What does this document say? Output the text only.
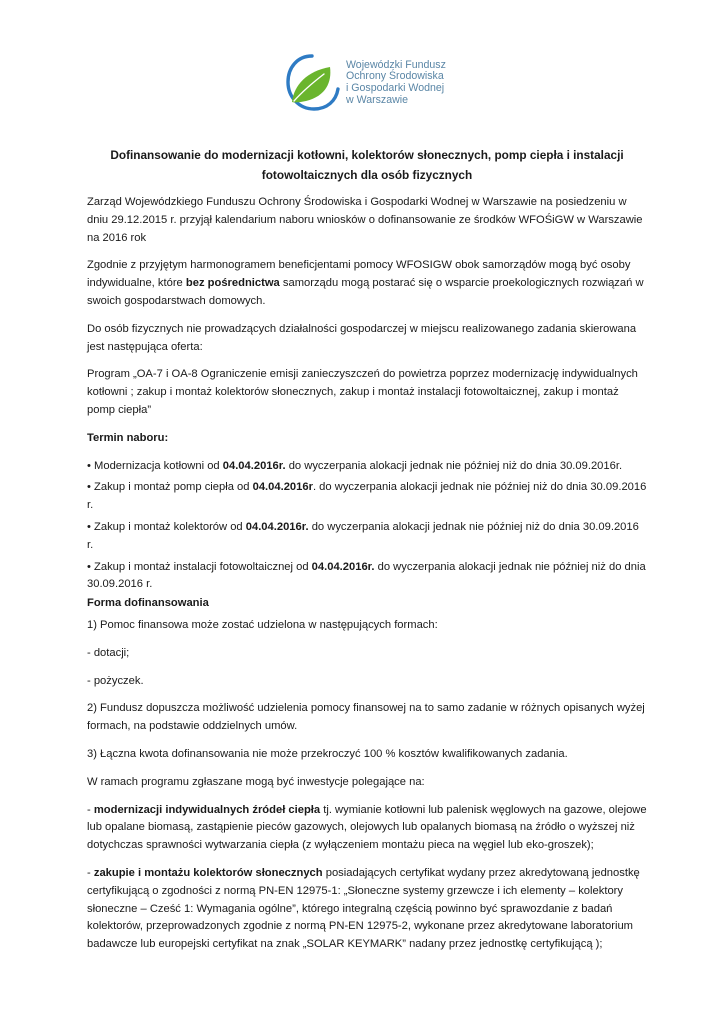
Wojewódzki Fundusz
Ochrony Środowiska
i Gospodarki Wodnej
w Warszawie
Dofinansowanie do modernizacji kotłowni, kolektorów słonecznych, pomp ciepła i instalacji fotowoltaicznych dla osób fizycznych

Zarząd Wojewódzkiego Funduszu Ochrony Środowiska i Gospodarki Wodnej w Warszawie na posiedzeniu w dniu 29.12.2015 r. przyjął kalendarium naboru wniosków o dofinansowanie ze środków WFOŚiGW w Warszawie na 2016 rok

Zgodnie z przyjętym harmonogramem beneficjentami pomocy WFOSIGW obok samorządów mogą być osoby indywidualne, które bez pośrednictwa samorządu mogą postarać się o wsparcie proekologicznych rozwiązań w swoich gospodarstwach domowych.

Do osób fizycznych nie prowadzących działalności gospodarczej w miejscu realizowanego zadania skierowana jest następująca oferta:

Program „OA-7 i OA-8 Ograniczenie emisji zanieczyszczeń do powietrza poprzez modernizację indywidualnych kotłowni ; zakup i montaż kolektorów słonecznych, zakup i montaż instalacji fotowoltaicznej, zakup i montaż pomp ciepła”

Termin naboru:

• Modernizacja kotłowni od 04.04.2016r. do wyczerpania alokacji jednak nie później niż do dnia 30.09.2016r.

• Zakup i montaż pomp ciepła od 04.04.2016r. do wyczerpania alokacji jednak nie później niż do dnia 30.09.2016 r.

• Zakup i montaż kolektorów od 04.04.2016r. do wyczerpania alokacji jednak nie później niż do dnia 30.09.2016 r.

• Zakup i montaż instalacji fotowoltaicznej od 04.04.2016r. do wyczerpania alokacji jednak nie później niż do dnia 30.09.2016 r.

Forma dofinansowania

1) Pomoc finansowa może zostać udzielona w następujących formach:

- dotacji;

- pożyczek.

2) Fundusz dopuszcza możliwość udzielenia pomocy finansowej na to samo zadanie w różnych opisanych wyżej formach, na podstawie oddzielnych umów.

3) Łączna kwota dofinansowania nie może przekroczyć 100 % kosztów kwalifikowanych zadania.

W ramach programu zgłaszane mogą być inwestycje polegające na:

- modernizacji indywidualnych źródeł ciepła tj. wymianie kotłowni lub palenisk węglowych na gazowe, olejowe lub opalane biomasą, zastąpienie pieców gazowych, olejowych lub opalanych biomasą na źródło o wyższej niż dotychczas sprawności wytwarzania ciepła (z wyłączeniem montażu pieca na węgiel lub eko-groszek);

- zakupie i montażu kolektorów słonecznych posiadających certyfikat wydany przez akredytowaną jednostkę certyfikującą o zgodności z normą PN-EN 12975-1: „Słoneczne systemy grzewcze i ich elementy – kolektory słoneczne – Cześć 1: Wymagania ogólne”, którego integralną częścią powinno być sprawozdanie z badań kolektorów, przeprowadzonych zgodnie z normą PN-EN 12975-2, wykonane przez akredytowane laboratorium badawcze lub europejski certyfikat na znak „SOLAR KEYMARK” nadany przez jednostkę certyfikującą );
